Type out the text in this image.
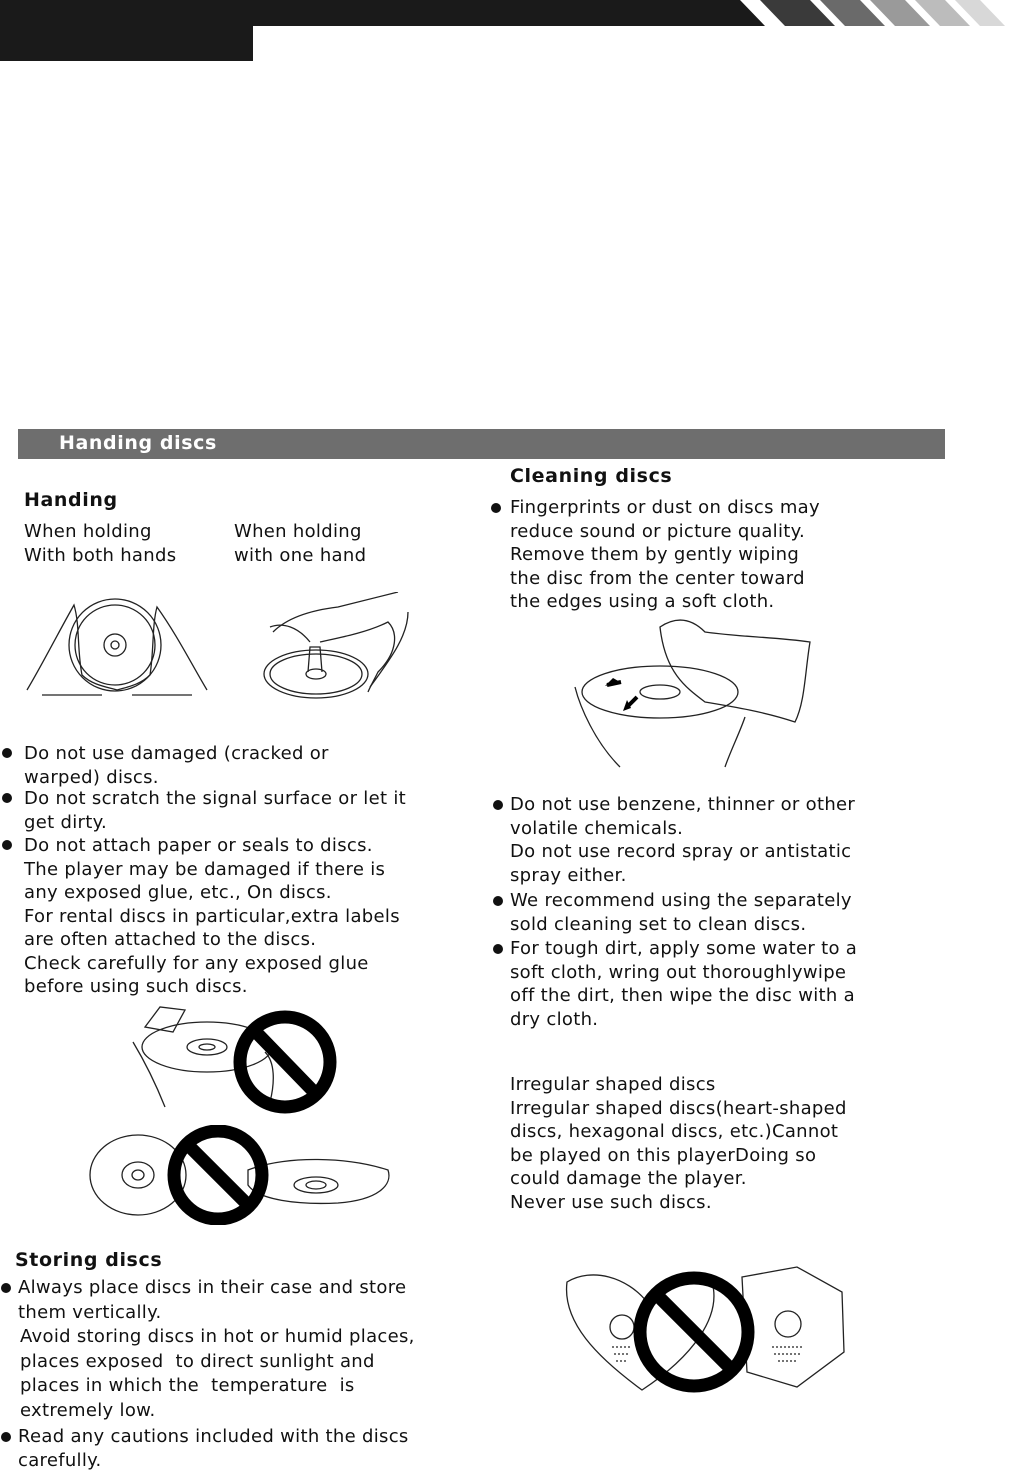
Handing discs
Handing
When holding
With both hands
When holding
with one hand
Do not use damaged (cracked or
warped) discs.
Do not scratch the signal surface or let it
get dirty.
Do not attach paper or seals to discs.
The player may be damaged if there is
any exposed glue, etc., On discs.
For rental discs in particular,extra labels
are often attached to the discs.
Check carefully for any exposed glue
before using such discs.
Cleaning discs
Fingerprints or dust on discs may
reduce sound or picture quality.
Remove them by gently wiping
the disc from the center toward
the edges using a soft cloth.
Do not use benzene, thinner or other
volatile chemicals.
Do not use record spray or antistatic
spray either.
We recommend using the separately
sold cleaning set to clean discs.
For tough dirt, apply some water to a
soft cloth, wring out thoroughlywipe
off the dirt, then wipe the disc with a
dry cloth.
Irregular shaped discs
Irregular shaped discs(heart-shaped
discs, hexagonal discs, etc.)Cannot
be played on this playerDoing so
could damage the player.
Never use such discs.
Storing discs
Always place discs in their case and store
them vertically.
Avoid storing discs in hot or humid places,
places exposed  to direct sunlight and
places in which the  temperature  is
extremely low.
Read any cautions included with the discs
carefully.
